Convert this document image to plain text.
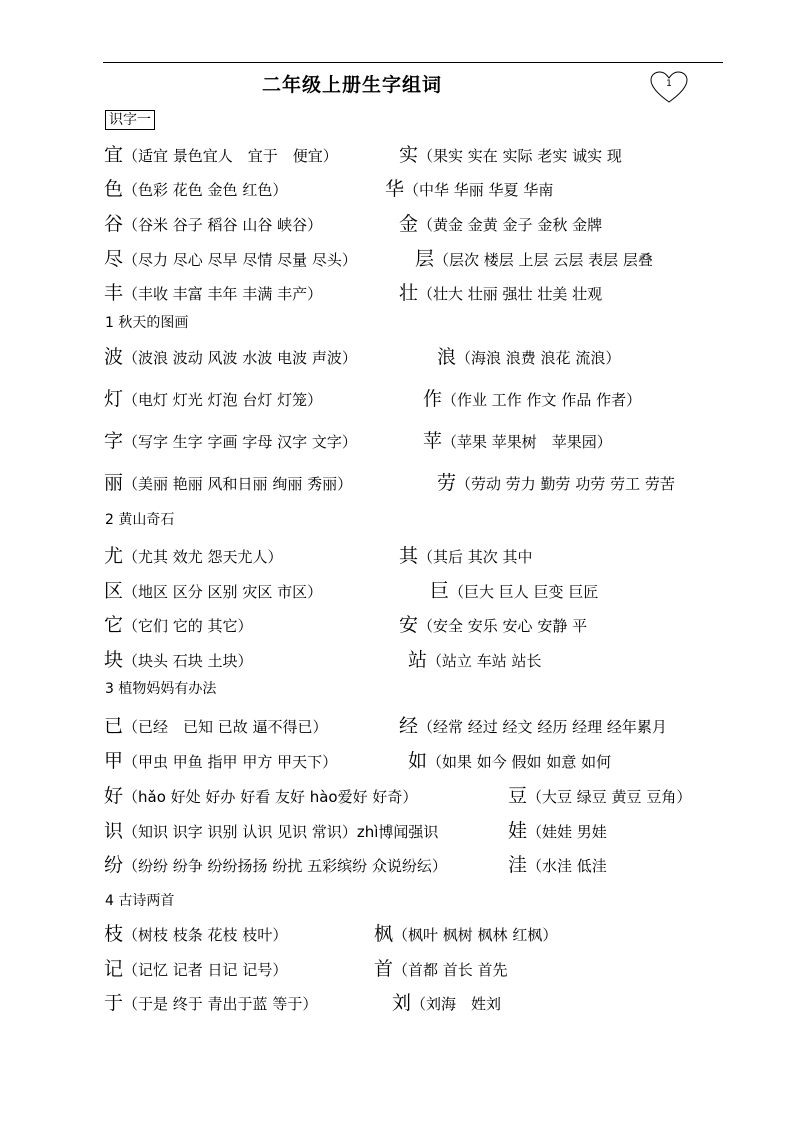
二年级上册生字组词	1
识字一
1 秋天的图画
2 黄山奇石
3 植物妈妈有办法
4 古诗两首
宜（适宜 景色宜人　宜于　便宜）	实（果实 实在 实际 老实 诚实 现
色（色彩 花色 金色 红色）	华（中华 华丽 华夏 华南
谷（谷米 谷子 稻谷 山谷 峡谷）	金（黄金 金黄 金子 金秋 金牌
尽（尽力 尽心 尽早 尽情 尽量 尽头）	层（层次 楼层 上层 云层 表层 层叠
丰（丰收 丰富 丰年 丰满 丰产）	壮（壮大 壮丽 强壮 壮美 壮观
波（波浪 波动 风波 水波 电波 声波）	浪（海浪 浪费 浪花 流浪）
灯（电灯 灯光 灯泡 台灯 灯笼）	作（作业 工作 作文 作品 作者）
字（写字 生字 字画 字母 汉字 文字）	苹（苹果 苹果树　苹果园）
丽（美丽 艳丽 风和日丽 绚丽 秀丽）	劳（劳动 劳力 勤劳 功劳 劳工 劳苦
尤（尤其 效尤 怨天尤人）	其（其后 其次 其中
区（地区 区分 区别 灾区 市区）	巨（巨大 巨人 巨变 巨匠
它（它们 它的 其它）	安（安全 安乐 安心 安静 平
块（块头 石块 土块）	站（站立 车站 站长
已（已经　已知 已故 逼不得已）	经（经常 经过 经文 经历 经理 经年累月
甲（甲虫 甲鱼 指甲 甲方 甲天下）	如（如果 如今 假如 如意 如何
好（hǎo 好处 好办 好看 友好 hào爱好 好奇）	豆（大豆 绿豆 黄豆 豆角）
识（知识 识字 识别 认识 见识 常识）zhì博闻强识	娃（娃娃 男娃
纷（纷纷 纷争 纷纷扬扬 纷扰 五彩缤纷 众说纷纭）	洼（水洼 低洼
枝（树枝 枝条 花枝 枝叶）	枫（枫叶 枫树 枫林 红枫）
记（记忆 记者 日记 记号）	首（首都 首长 首先
于（于是 终于 青出于蓝 等于）	刘（刘海　姓刘
